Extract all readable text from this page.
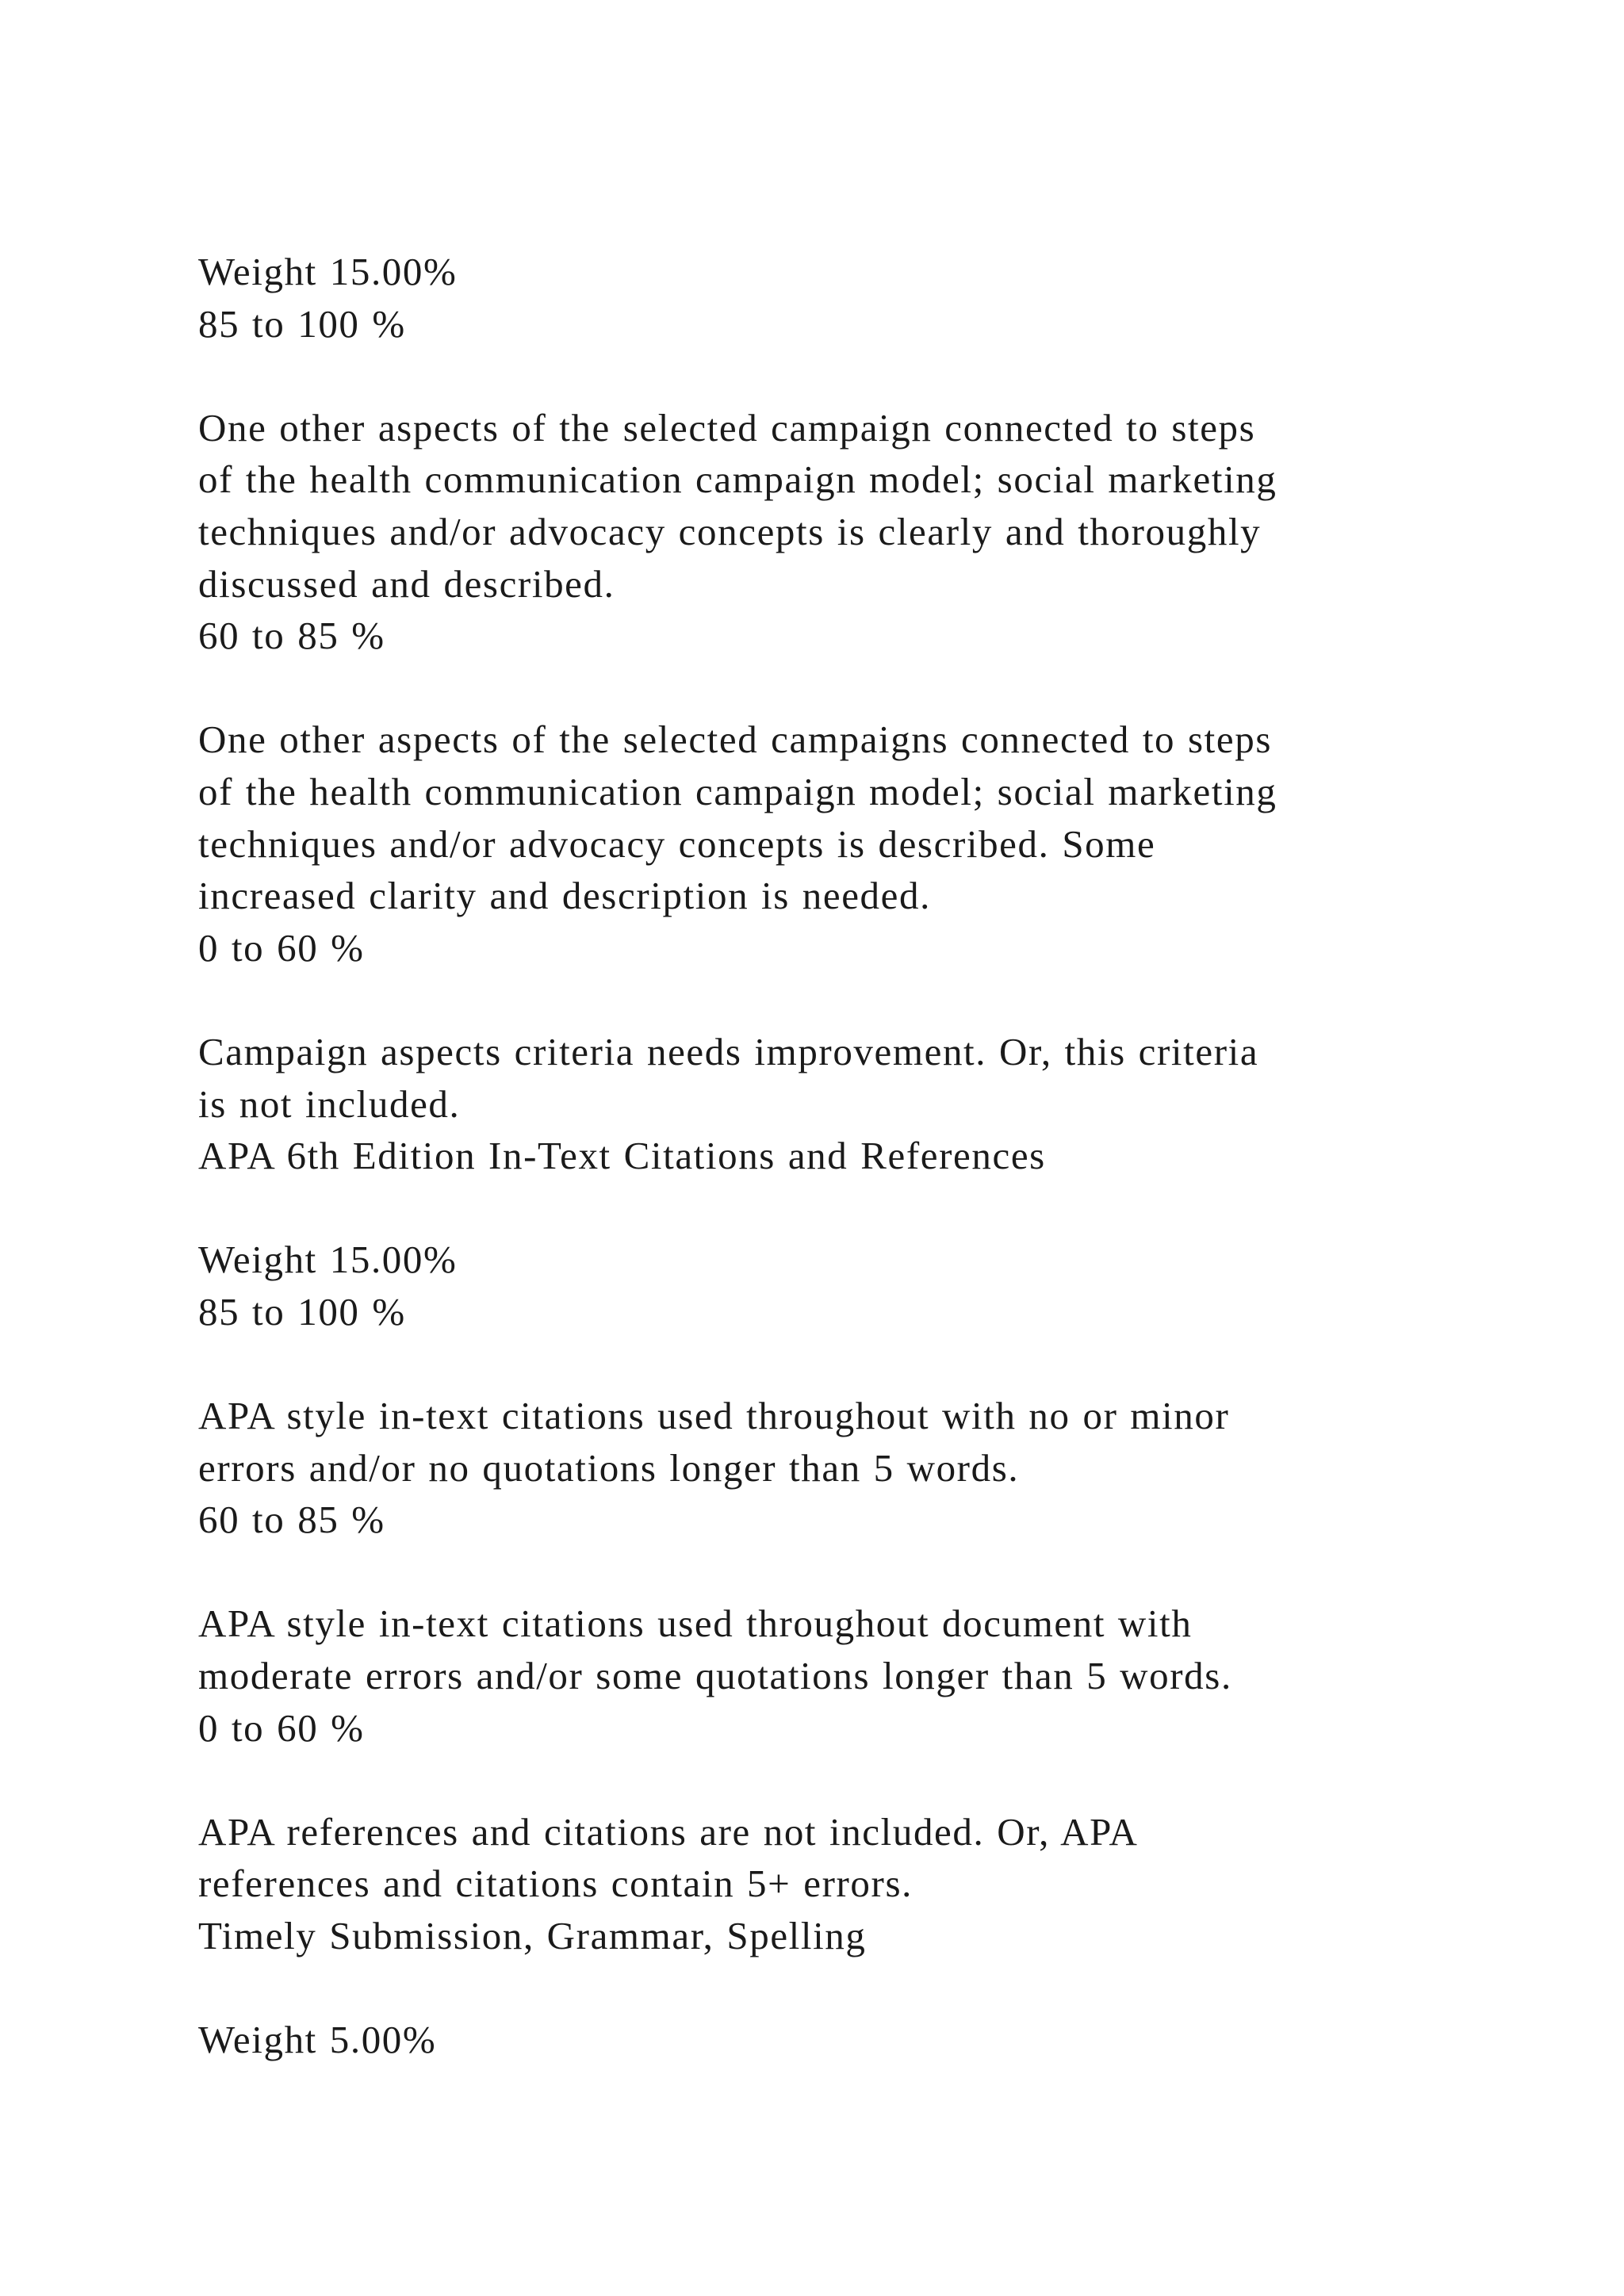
Weight 15.00%
85 to 100 %
One other aspects of the selected campaign connected to steps
of the health communication campaign model; social marketing
techniques and/or advocacy concepts is clearly and thoroughly
discussed and described.
60 to 85 %
One other aspects of the selected campaigns connected to steps
of the health communication campaign model; social marketing
techniques and/or advocacy concepts is described. Some
increased clarity and description is needed.
0 to 60 %
Campaign aspects criteria needs improvement. Or, this criteria
is not included.
APA 6th Edition In-Text Citations and References
Weight 15.00%
85 to 100 %
APA style in-text citations used throughout with no or minor
errors and/or no quotations longer than 5 words.
60 to 85 %
APA style in-text citations used throughout document with
moderate errors and/or some quotations longer than 5 words.
0 to 60 %
APA references and citations are not included. Or, APA
references and citations contain 5+ errors.
Timely Submission, Grammar, Spelling
Weight 5.00%
